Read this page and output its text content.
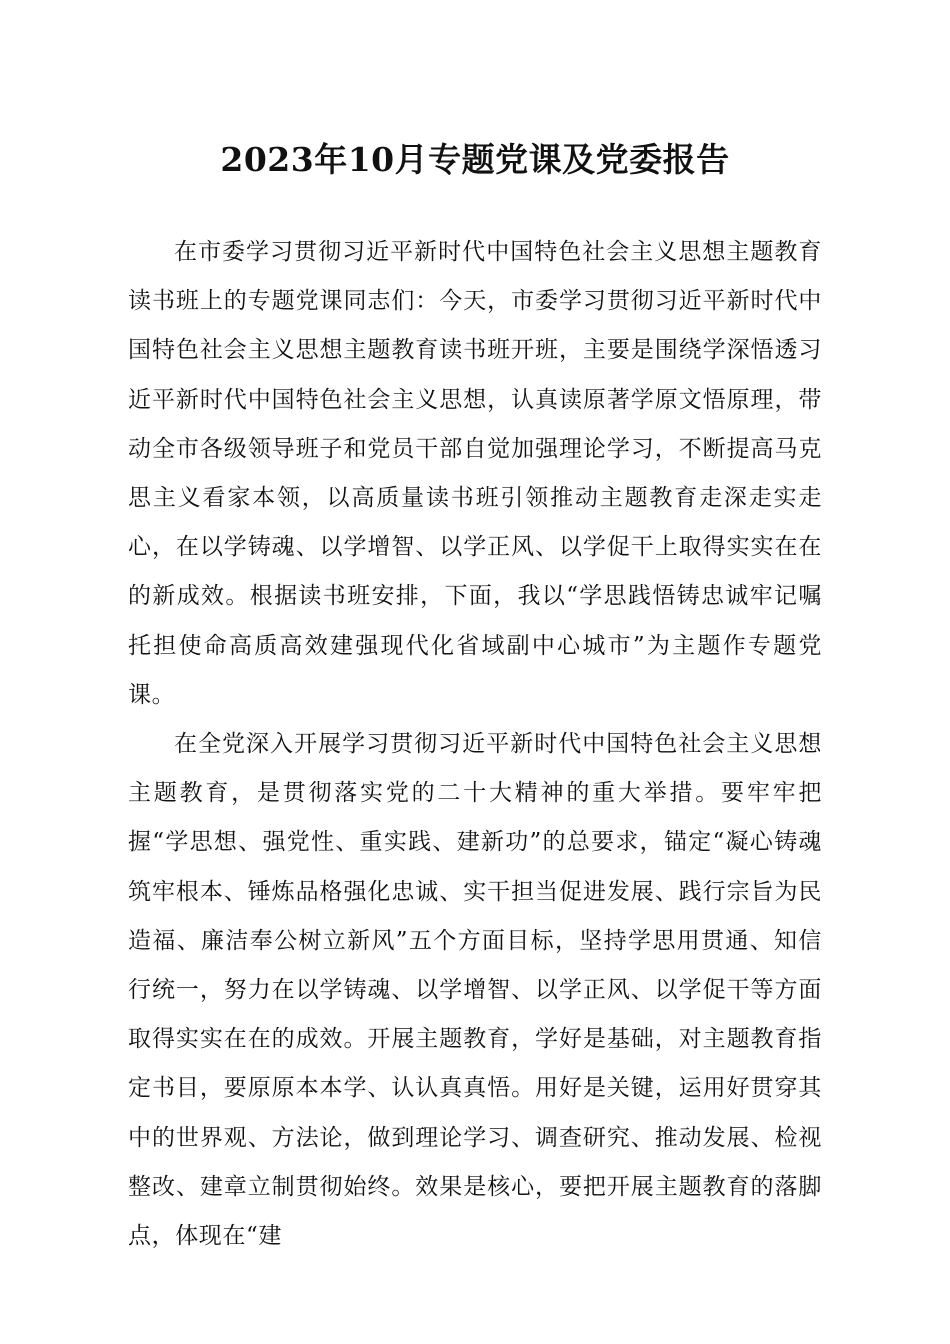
2023年10月专题党课及党委报告

在市委学习贯彻习近平新时代中国特色社会主义思想主题教育读书班上的专题党课同志们：今天，市委学习贯彻习近平新时代中国特色社会主义思想主题教育读书班开班，主要是围绕学深悟透习近平新时代中国特色社会主义思想，认真读原著学原文悟原理，带动全市各级领导班子和党员干部自觉加强理论学习，不断提高马克思主义看家本领，以高质量读书班引领推动主题教育走深走实走心，在以学铸魂、以学增智、以学正风、以学促干上取得实实在在的新成效。根据读书班安排，下面，我以“学思践悟铸忠诚牢记嘱托担使命高质高效建强现代化省域副中心城市”为主题作专题党课。

在全党深入开展学习贯彻习近平新时代中国特色社会主义思想主题教育，是贯彻落实党的二十大精神的重大举措。要牢牢把握“学思想、强党性、重实践、建新功”的总要求，锚定“凝心铸魂筑牢根本、锤炼品格强化忠诚、实干担当促进发展、践行宗旨为民造福、廉洁奉公树立新风”五个方面目标，坚持学思用贯通、知信行统一，努力在以学铸魂、以学增智、以学正风、以学促干等方面取得实实在在的成效。开展主题教育，学好是基础，对主题教育指定书目，要原原本本学、认认真真悟。用好是关键，运用好贯穿其中的世界观、方法论，做到理论学习、调查研究、推动发展、检视整改、建章立制贯彻始终。效果是核心，要把开展主题教育的落脚点，体现在“建
